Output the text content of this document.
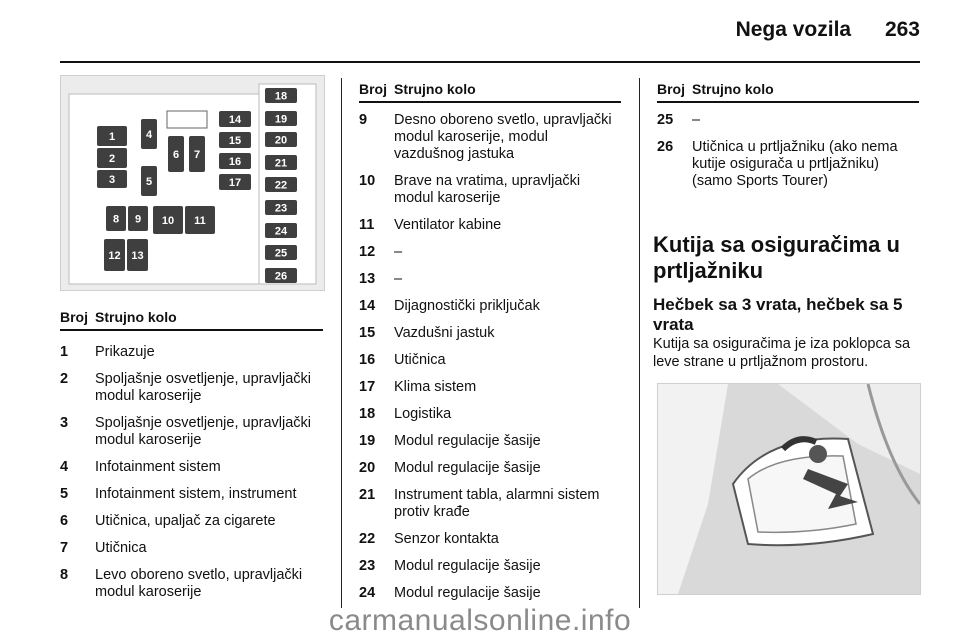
Nega vozila 263
1
2
3
4
5
6 7
8 9 10 11
12 13
14
15
16
17
18
19
20
21
22
23
24
25
26
Broj Strujno kolo
1	Prikazuje
2	Spoljašnje osvetljenje, upravljački modul karoserije
3	Spoljašnje osvetljenje, upravljački modul karoserije
4	Infotainment sistem
5	Infotainment sistem, instrument
6	Utičnica, upaljač za cigarete
7	Utičnica
8	Levo oboreno svetlo, upravljački modul karoserije
Broj Strujno kolo
9	Desno oboreno svetlo, upravljački modul karoserije, modul vazdušnog jastuka
10	Brave na vratima, upravljački modul karoserije
11	Ventilator kabine
12	–
13	–
14	Dijagnostički priključak
15	Vazdušni jastuk
16	Utičnica
17	Klima sistem
18	Logistika
19	Modul regulacije šasije
20	Modul regulacije šasije
21	Instrument tabla, alarmni sistem protiv krađe
22	Senzor kontakta
23	Modul regulacije šasije
24	Modul regulacije šasije
Broj Strujno kolo
25	–
26	Utičnica u prtljažniku (ako nema kutije osigurača u prtljažniku) (samo Sports Tourer)
Kutija sa osiguračima u prtljažniku
Hečbek sa 3 vrata, hečbek sa 5 vrata

Kutija sa osiguračima je iza poklopca sa leve strane u prtljažnom prostoru.

carmanualsonline.info
